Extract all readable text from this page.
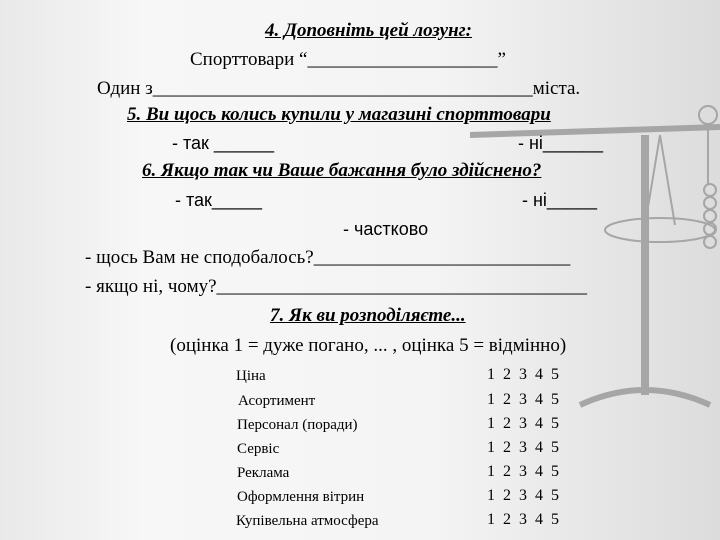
4. Доповніть цей лозунг:
Спорттовари “____________________”
Один з________________________________________міста.
5. Ви щось колись купили у магазині спорттовари
- так ______	- ні______
6. Якщо так чи Ваше бажання було здійснено?
- так_____	- ні_____
- частково
- щось Вам не сподобалось?___________________________
- якщо ні, чому?_______________________________________
7. Як ви розподіляєте...
(оцінка 1 = дуже погано, ... , оцінка 5 = відмінно)
Ціна	1 2 3 4 5
Асортимент	1 2 3 4 5
Персонал (поради)	1 2 3 4 5
Сервіс	1 2 3 4 5
Реклама	1 2 3 4 5
Оформлення вітрин	1 2 3 4 5
Купівельна атмосфера	1 2 3 4 5
